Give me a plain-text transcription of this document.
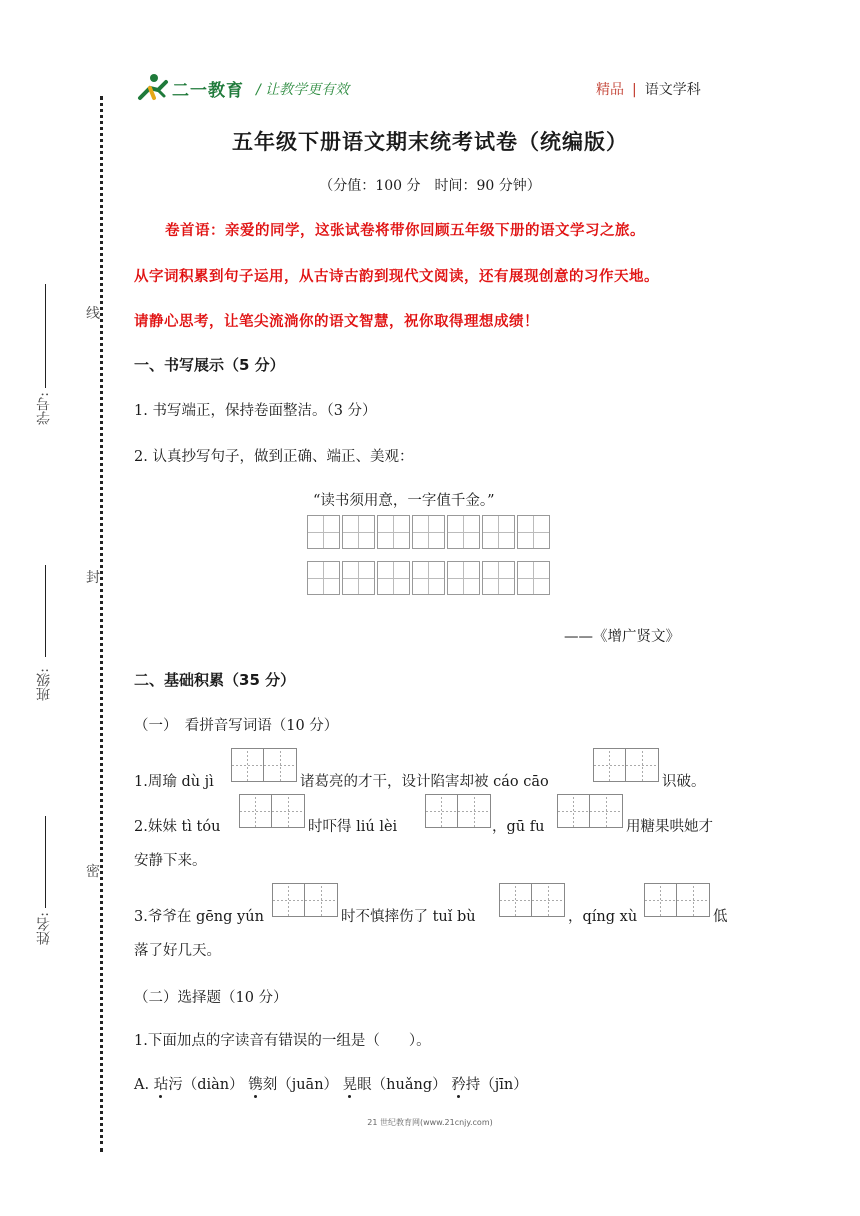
二一教育 / 让教学更有效	精品 | 语文学科
线
封
密
学号:
班级:
姓名:
五年级下册语文期末统考试卷（统编版）
（分值：100 分　时间：90 分钟）
卷首语：亲爱的同学，这张试卷将带你回顾五年级下册的语文学习之旅。
从字词积累到句子运用，从古诗古韵到现代文阅读，还有展现创意的习作天地。
请静心思考，让笔尖流淌你的语文智慧，祝你取得理想成绩！
一、书写展示（5 分）
1. 书写端正，保持卷面整洁。（3 分）
2. 认真抄写句子，做到正确、端正、美观：
“读书须用意，一字值千金。”
——《增广贤文》
二、基础积累（35 分）
（一）　看拼音写词语（10 分）
1.周瑜 dù jì	诸葛亮的才干，设计陷害却被 cáo cāo	识破。
2.妹妹 tì tóu	时吓得 liú lèi	，gū fu	用糖果哄她才
安静下来。
3.爷爷在 gēng yún	时不慎摔伤了 tuǐ bù	，qíng xù	低
落了好几天。
（二）选择题（10 分）
1.下面加点的字读音有错误的一组是（　　）。
A. 玷污（diàn） 镌刻（juān） 晃眼（huǎng） 矜持（jīn）
21 世纪教育网(www.21cnjy.com)
